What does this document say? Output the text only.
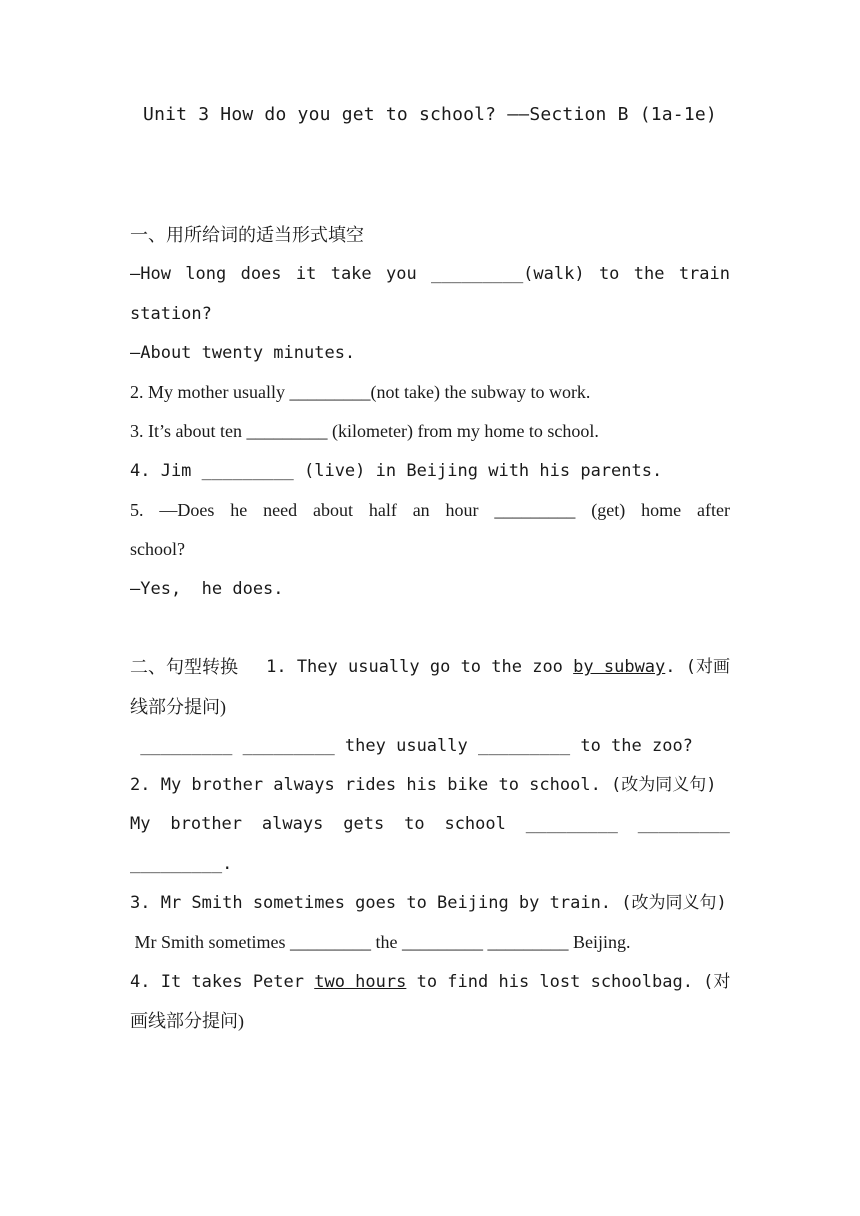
Unit 3 How do you get to school? ——Section B (1a-1e)
一、用所给词的适当形式填空
—How long does it take you _________(walk) to the train
station?
—About twenty minutes.
2. My mother usually _________(not take) the subway to work.
3. It’s about ten _________ (kilometer) from my home to school.
4. Jim _________ (live) in Beijing with his parents.
5. —Does he need about half an hour _________ (get) home after
school?
—Yes,  he does.
二、句型转换 1. They usually go to the zoo by subway. (对画
线部分提问)
_________ _________ they usually _________ to the zoo?
2. My brother always rides his bike to school. (改为同义句)
My brother always gets to school _________ _________
_________.
3. Mr Smith sometimes goes to Beijing by train. (改为同义句)
Mr Smith sometimes _________ the _________ _________ Beijing.
4. It takes Peter two hours to find his lost schoolbag. (对
画线部分提问)
